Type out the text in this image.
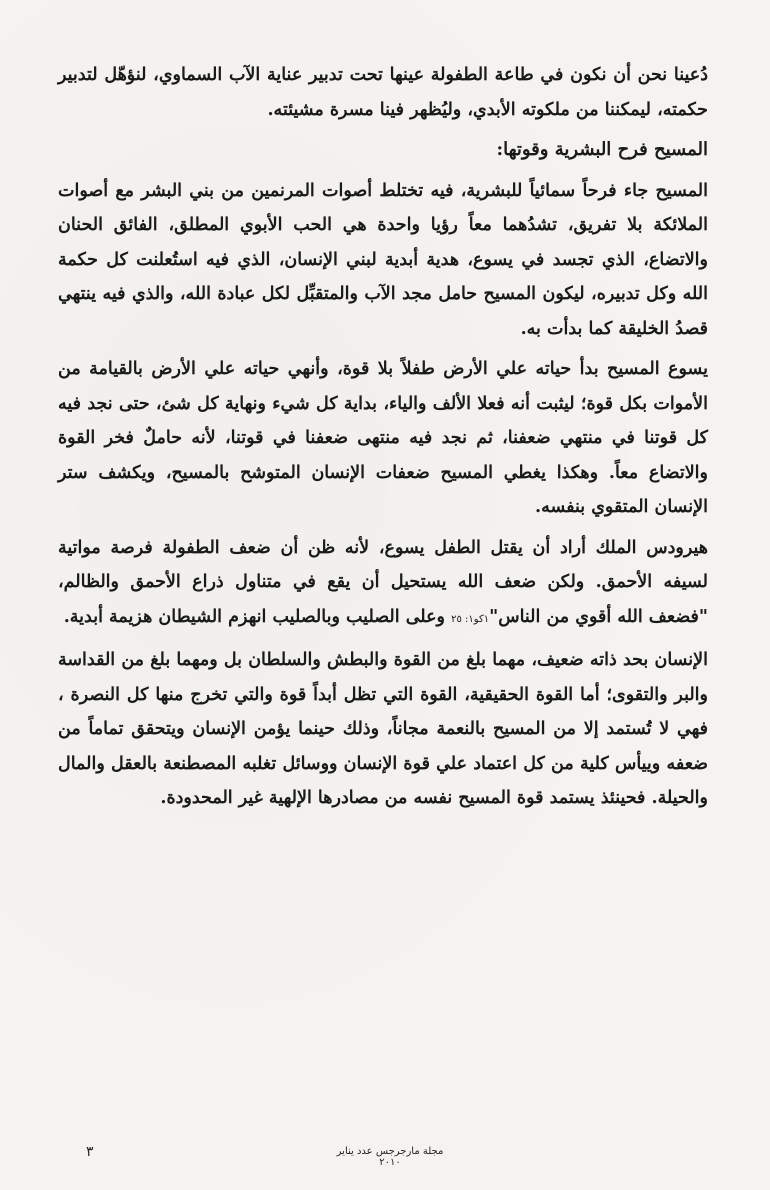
دُعينا نحن أن نكون في طاعة الطفولة عينها تحت تدبير عناية الآب السماوي، لنؤهّل لتدبير حكمته، ليمكننا من ملكوته الأبدي، وليُظهر فينا مسرة مشيئته.

المسيح فرح البشرية وقوتها:

المسيح جاء فرحاً سمائياً للبشرية، فيه تختلط أصوات المرنمين من بني البشر مع أصوات الملائكة بلا تفريق، تشدُهما معاً رؤيا واحدة هي الحب الأبوي المطلق، الفائق الحنان والاتضاع، الذي تجسد في يسوع، هدية أبدية لبني الإنسان، الذي فيه استُعلنت كل حكمة الله وكل تدبيره، ليكون المسيح حامل مجد الآب والمتقبِّل لكل عبادة الله، والذي فيه ينتهي قصدُ الخليقة كما بدأت به.

يسوع المسيح بدأ حياته علي الأرض طفلاً بلا قوة، وأنهي حياته علي الأرض بالقيامة من الأموات بكل قوة؛ ليثبت أنه فعلا الألف والياء، بداية كل شيء ونهاية كل شئ، حتى نجد فيه كل قوتنا في منتهي ضعفنا، ثم نجد فيه منتهى ضعفنا في قوتنا، لأنه حاملٌ فخر القوة والاتضاع معاً. وهكذا يغطي المسيح ضعفات الإنسان المتوشح بالمسيح، ويكشف ستر الإنسان المتقوي بنفسه.

هيرودس الملك أراد أن يقتل الطفل يسوع، لأنه ظن أن ضعف الطفولة فرصة مواتية لسيفه الأحمق. ولكن ضعف الله يستحيل أن يقع في متناول ذراع الأحمق والظالم، "فضعف الله أقوي من الناس"١كو١: ٢٥ وعلى الصليب وبالصليب انهزم الشيطان هزيمة أبدية.

الإنسان بحد ذاته ضعيف، مهما بلغ من القوة والبطش والسلطان بل ومهما بلغ من القداسة والبر والتقوى؛ أما القوة الحقيقية، القوة التي تظل أبداً قوة والتي تخرج منها كل النصرة ، فهي لا تُستمد إلا من المسيح بالنعمة مجاناً، وذلك حينما يؤمن الإنسان ويتحقق تماماً من ضعفه وييأس كلية من كل اعتماد علي قوة الإنسان ووسائل تغلبه المصطنعة بالعقل والمال والحيلة. فحينئذ يستمد قوة المسيح نفسه من مصادرها الإلهية غير المحدودة.

٣	مجلة مارجرجس عدد يناير ٢٠١٠
